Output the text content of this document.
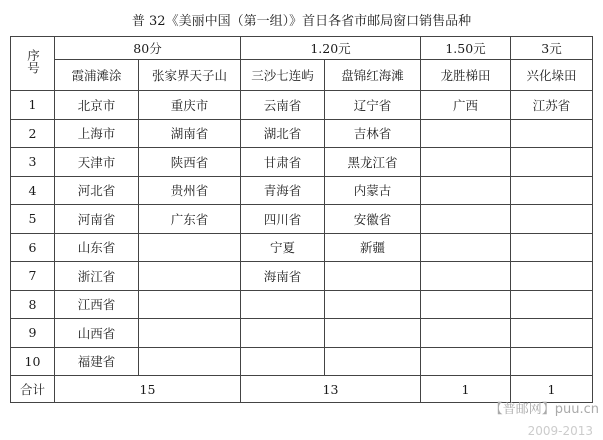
普 32《美丽中国（第一组）》首日各省市邮局窗口销售品种
序号	80分		1.20元		1.50元	3元
	霞浦滩涂	张家界天子山	三沙七连屿	盘锦红海滩	龙胜梯田	兴化垛田
1	北京市	重庆市	云南省	辽宁省	广西	江苏省
2	上海市	湖南省	湖北省	吉林省		
3	天津市	陕西省	甘肃省	黑龙江省		
4	河北省	贵州省	青海省	内蒙古		
5	河南省	广东省	四川省	安徽省		
6	山东省		宁夏	新疆		
7	浙江省		海南省			
8	江西省					
9	山西省					
10	福建省					
合计	15		13		1	1
【普邮网】puu.cn
2009-2013
